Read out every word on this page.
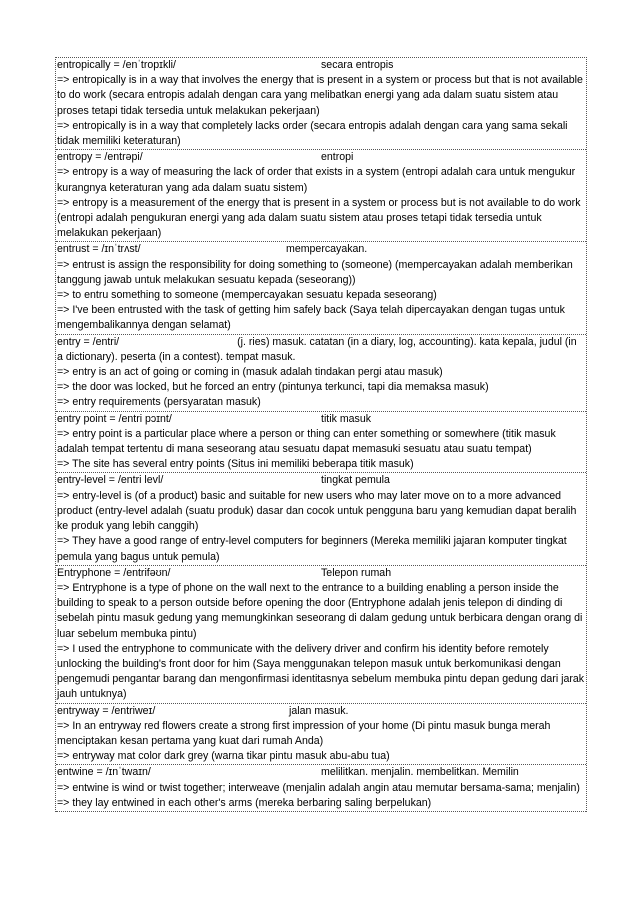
entropically = /enˈtropɪkli/	secara entropis
=> entropically is in a way that involves the energy that is present in a system or process but that is not available to do work (secara entropis adalah dengan cara yang melibatkan energi yang ada dalam suatu sistem atau proses tetapi tidak tersedia untuk melakukan pekerjaan)
=> entropically is in a way that completely lacks order (secara entropis adalah dengan cara yang sama sekali tidak memiliki keteraturan)
entropy = /entrəpi/	entropi
=> entropy is a way of measuring the lack of order that exists in a system (entropi adalah cara untuk mengukur kurangnya keteraturan yang ada dalam suatu sistem)
=> entropy is a measurement of the energy that is present in a system or process but is not available to do work (entropi adalah pengukuran energi yang ada dalam suatu sistem atau proses tetapi tidak tersedia untuk melakukan pekerjaan)
entrust = /ɪnˈtrʌst/	mempercayakan.
=> entrust is assign the responsibility for doing something to (someone) (mempercayakan adalah memberikan tanggung jawab untuk melakukan sesuatu kepada (seseorang))
=> to entru something to someone (mempercayakan sesuatu kepada seseorang)
=> I've been entrusted with the task of getting him safely back (Saya telah dipercayakan dengan tugas untuk mengembalikannya dengan selamat)
entry = /entri/	(j. ries) masuk. catatan (in a diary, log, accounting). kata kepala, judul (in a dictionary). peserta (in a contest). tempat masuk.
=> entry is an act of going or coming in (masuk adalah tindakan pergi atau masuk)
=> the door was locked, but he forced an entry (pintunya terkunci, tapi dia memaksa masuk)
=> entry requirements (persyaratan masuk)
entry point = /entri pɔɪnt/	titik masuk
=> entry point is a particular place where a person or thing can enter something or somewhere (titik masuk adalah tempat tertentu di mana seseorang atau sesuatu dapat memasuki sesuatu atau suatu tempat)
=> The site has several entry points (Situs ini memiliki beberapa titik masuk)
entry-level = /entri levl/	tingkat pemula
=> entry-level is (of a product) basic and suitable for new users who may later move on to a more advanced product (entry-level adalah (suatu produk) dasar dan cocok untuk pengguna baru yang kemudian dapat beralih ke produk yang lebih canggih)
=> They have a good range of entry-level computers for beginners (Mereka memiliki jajaran komputer tingkat pemula yang bagus untuk pemula)
Entryphone = /entrifəʊn/	Telepon rumah
=> Entryphone is a type of phone on the wall next to the entrance to a building enabling a person inside the building to speak to a person outside before opening the door (Entryphone adalah jenis telepon di dinding di sebelah pintu masuk gedung yang memungkinkan seseorang di dalam gedung untuk berbicara dengan orang di luar sebelum membuka pintu)
=> I used the entryphone to communicate with the delivery driver and confirm his identity before remotely unlocking the building's front door for him (Saya menggunakan telepon masuk untuk berkomunikasi dengan pengemudi pengantar barang dan mengonfirmasi identitasnya sebelum membuka pintu depan gedung dari jarak jauh untuknya)
entryway = /entriweɪ/	jalan masuk.
=> In an entryway red flowers create a strong first impression of your home (Di pintu masuk bunga merah menciptakan kesan pertama yang kuat dari rumah Anda)
=> entryway mat color dark grey (warna tikar pintu masuk abu-abu tua)
entwine = /ɪnˈtwaɪn/	melilitkan. menjalin. membelitkan. Memilin
=> entwine is wind or twist together; interweave (menjalin adalah angin atau memutar bersama-sama; menjalin)
=> they lay entwined in each other's arms (mereka berbaring saling berpelukan)
